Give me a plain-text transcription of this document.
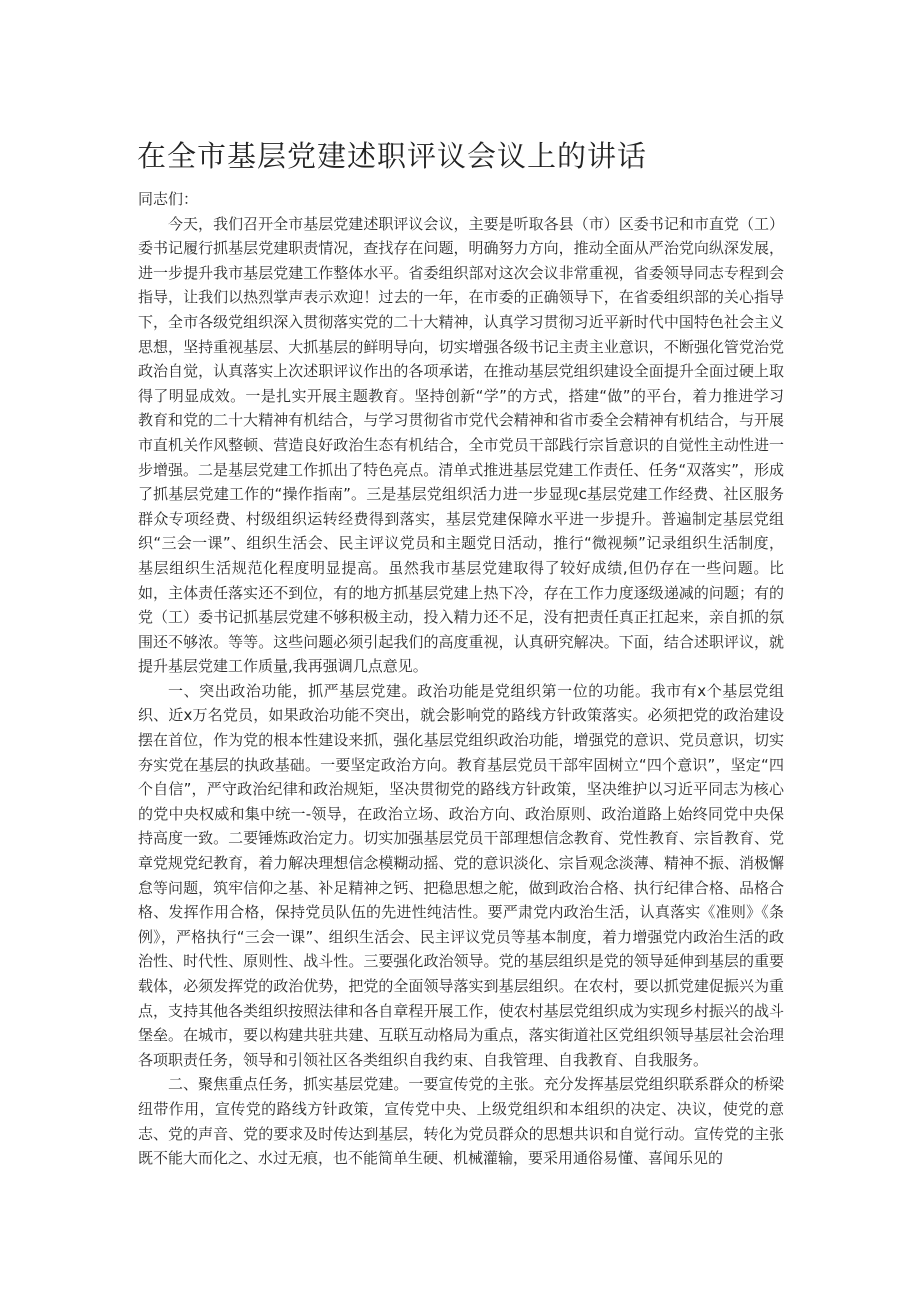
在全市基层党建述职评议会议上的讲话

同志们：

今天，我们召开全市基层党建述职评议会议，主要是听取各县（市）区委书记和市直党（工）委书记履行抓基层党建职责情况，查找存在问题，明确努力方向，推动全面从严治党向纵深发展，进一步提升我市基层党建工作整体水平。省委组织部对这次会议非常重视，省委领导同志专程到会指导，让我们以热烈掌声表示欢迎！过去的一年，在市委的正确领导下，在省委组织部的关心指导下，全市各级党组织深入贯彻落实党的二十大精神，认真学习贯彻习近平新时代中国特色社会主义思想，坚持重视基层、大抓基层的鲜明导向，切实增强各级书记主责主业意识，不断强化管党治党政治自觉，认真落实上次述职评议作出的各项承诺，在推动基层党组织建设全面提升全面过硬上取得了明显成效。一是扎实开展主题教育。坚持创新“学”的方式，搭建“做”的平台，着力推进学习教育和党的二十大精神有机结合，与学习贯彻省市党代会精神和省市委全会精神有机结合，与开展市直机关作风整顿、营造良好政治生态有机结合，全市党员干部践行宗旨意识的自觉性主动性进一步增强。二是基层党建工作抓出了特色亮点。清单式推进基层党建工作责任、任务“双落实”，形成了抓基层党建工作的“操作指南”。三是基层党组织活力进一步显现c基层党建工作经费、社区服务群众专项经费、村级组织运转经费得到落实，基层党建保障水平进一步提升。普遍制定基层党组织“三会一课”、组织生活会、民主评议党员和主题党日活动，推行“微视频”记录组织生活制度，基层组织生活规范化程度明显提高。虽然我市基层党建取得了较好成绩,但仍存在一些问题。比如，主体责任落实还不到位，有的地方抓基层党建上热下冷，存在工作力度逐级递减的问题；有的党（工）委书记抓基层党建不够积极主动，投入精力还不足，没有把责任真正扛起来，亲自抓的氛围还不够浓。等等。这些问题必须引起我们的高度重视，认真研究解决。下面，结合述职评议，就提升基层党建工作质量,我再强调几点意见。

一、突出政治功能，抓严基层党建。政治功能是党组织第一位的功能。我市有x个基层党组织、近x万名党员，如果政治功能不突出，就会影响党的路线方针政策落实。必须把党的政治建设摆在首位，作为党的根本性建设来抓，强化基层党组织政治功能，增强党的意识、党员意识，切实夯实党在基层的执政基础。一要坚定政治方向。教育基层党员干部牢固树立“四个意识”，坚定“四个自信”，严守政治纪律和政治规矩，坚决贯彻党的路线方针政策，坚决维护以习近平同志为核心的党中央权威和集中统一-领导，在政治立场、政治方向、政治原则、政治道路上始终同党中央保持高度一致。二要锤炼政治定力。切实加强基层党员干部理想信念教育、党性教育、宗旨教育、党章党规党纪教育，着力解决理想信念模糊动摇、党的意识淡化、宗旨观念淡薄、精神不振、消极懈怠等问题，筑牢信仰之基、补足精神之钙、把稳思想之舵，做到政治合格、执行纪律合格、品格合格、发挥作用合格，保持党员队伍的先进性纯洁性。要严肃党内政治生活，认真落实《准则》《条例》，严格执行“三会一课”、组织生活会、民主评议党员等基本制度，着力增强党内政治生活的政治性、时代性、原则性、战斗性。三要强化政治领导。党的基层组织是党的领导延伸到基层的重要载体，必须发挥党的政治优势，把党的全面领导落实到基层组织。在农村，要以抓党建促振兴为重点，支持其他各类组织按照法律和各自章程开展工作，使农村基层党组织成为实现乡村振兴的战斗堡垒。在城市，要以构建共驻共建、互联互动格局为重点，落实街道社区党组织领导基层社会治理各项职责任务，领导和引领社区各类组织自我约束、自我管理、自我教育、自我服务。

二、聚焦重点任务，抓实基层党建。一要宣传党的主张。充分发挥基层党组织联系群众的桥梁纽带作用，宣传党的路线方针政策，宣传党中央、上级党组织和本组织的决定、决议，使党的意志、党的声音、党的要求及时传达到基层，转化为党员群众的思想共识和自觉行动。宣传党的主张既不能大而化之、水过无痕，也不能简单生硬、机械灌输，要采用通俗易懂、喜闻乐见的
